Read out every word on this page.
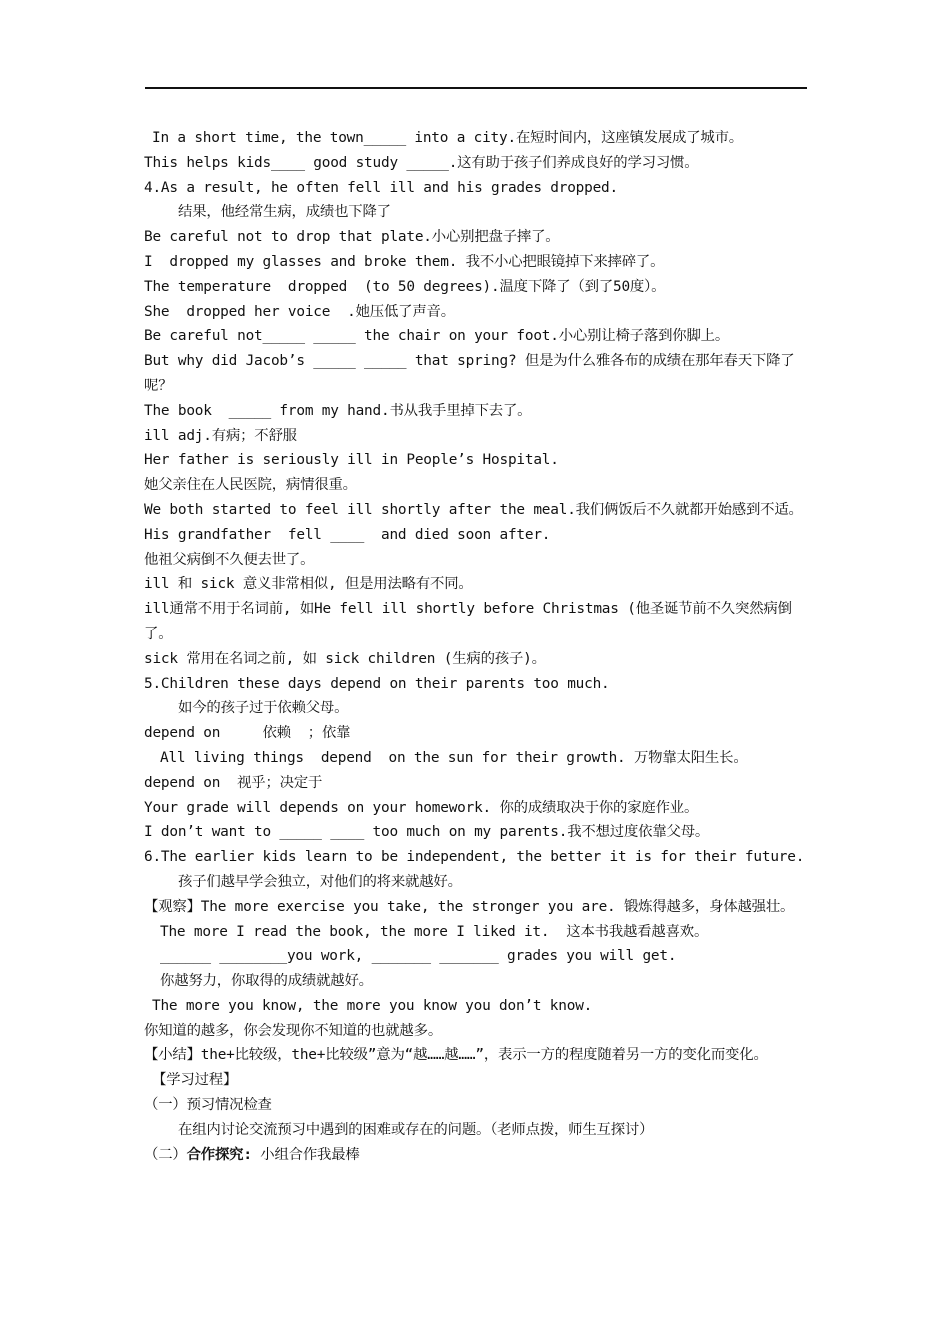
In a short time, the town_____ into a city.在短时间内，这座镇发展成了城市。
This helps kids____ good study _____.这有助于孩子们养成良好的学习习惯。
4.As a result, he often fell ill and his grades dropped.
结果，他经常生病，成绩也下降了
Be careful not to drop that plate.小心别把盘子摔了。
I  dropped my glasses and broke them. 我不小心把眼镜掉下来摔碎了。
The temperature  dropped  (to 50 degrees).温度下降了（到了50度）。
She  dropped her voice  .她压低了声音。
Be careful not_____ _____ the chair on your foot.小心别让椅子落到你脚上。
But why did Jacob’s _____ _____ that spring? 但是为什么雅各布的成绩在那年春天下降了呢？
The book  _____ from my hand.书从我手里掉下去了。
ill adj.有病；不舒服
Her father is seriously ill in People’s Hospital.
她父亲住在人民医院，病情很重。
We both started to feel ill shortly after the meal.我们俩饭后不久就都开始感到不适。
His grandfather  fell ____  and died soon after.
他祖父病倒不久便去世了。
ill 和 sick 意义非常相似, 但是用法略有不同。
ill通常不用于名词前, 如He fell ill shortly before Christmas (他圣诞节前不久突然病倒了。
sick 常用在名词之前, 如 sick children (生病的孩子)。
5.Children these days depend on their parents too much.
如今的孩子过于依赖父母。
depend on     依赖  ；依靠
All living things  depend  on the sun for their growth. 万物靠太阳生长。
depend on  视乎；决定于
Your grade will depends on your homework. 你的成绩取决于你的家庭作业。
I don’t want to _____ ____ too much on my parents.我不想过度依靠父母。
6.The earlier kids learn to be independent, the better it is for their future.
孩子们越早学会独立，对他们的将来就越好。
【观察】The more exercise you take, the stronger you are. 锻炼得越多，身体越强壮。
The more I read the book, the more I liked it.  这本书我越看越喜欢。
______ ________you work, _______ _______ grades you will get.
你越努力，你取得的成绩就越好。
The more you know, the more you know you don’t know.
你知道的越多，你会发现你不知道的也就越多。
【小结】the+比较级，the+比较级”意为“越……越……”，表示一方的程度随着另一方的变化而变化。
【学习过程】
（一）预习情况检查
在组内讨论交流预习中遇到的困难或存在的问题。（老师点拨，师生互探讨）
（二）合作探究: 小组合作我最棒
